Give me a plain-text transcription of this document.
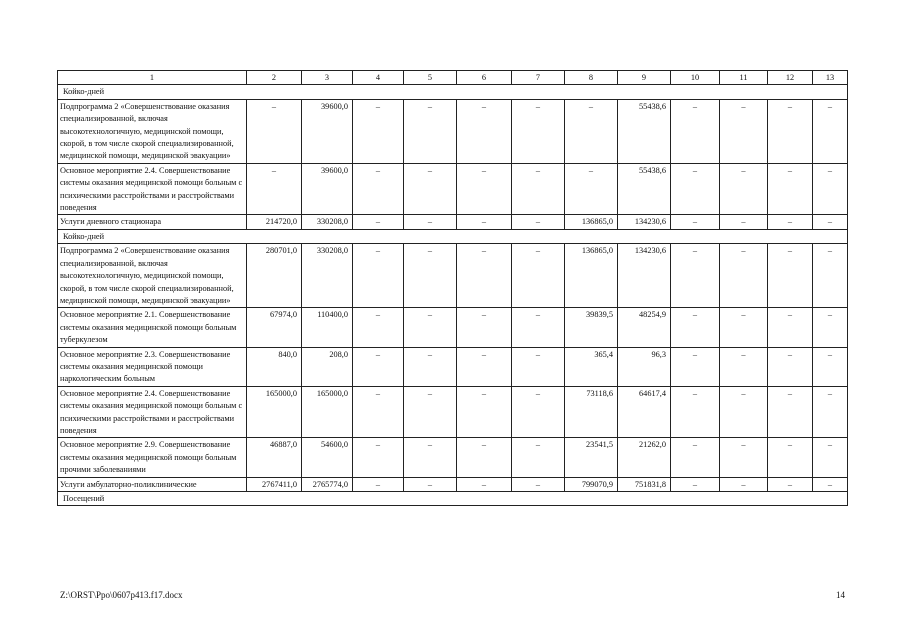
1	2	3	4	5	6	7	8	9	10	11	12	13
Койко-дней												
Подпрограмма 2 «Совершенствование оказания специализированной, включая высокотехнологичную, медицинской помощи, скорой, в том числе скорой специализированной, медицинской помощи, медицинской эвакуации»	–	39600,0	–	–	–	–	–	55438,6	–	–	–	–
Основное мероприятие 2.4. Совершенствование системы оказания медицинской помощи больным с психическими расстройствами и расстройствами поведения	–	39600,0	–	–	–	–	–	55438,6	–	–	–	–
Услуги дневного стационара	214720,0	330208,0	–	–	–	–	136865,0	134230,6	–	–	–	–
Койко-дней												
Подпрограмма 2 «Совершенствование оказания специализированной, включая высокотехнологичную, медицинской помощи, скорой, в том числе скорой специализированной, медицинской помощи, медицинской эвакуации»	280701,0	330208,0	–	–	–	–	136865,0	134230,6	–	–	–	–
Основное мероприятие 2.1. Совершенствование системы оказания медицинской помощи больным туберкулезом	67974,0	110400,0	–	–	–	–	39839,5	48254,9	–	–	–	–
Основное мероприятие 2.3. Совершенствование системы оказания медицинской помощи наркологическим больным	840,0	208,0	–	–	–	–	365,4	96,3	–	–	–	–
Основное мероприятие 2.4. Совершенствование системы оказания медицинской помощи больным с психическими расстройствами и расстройствами поведения	165000,0	165000,0	–	–	–	–	73118,6	64617,4	–	–	–	–
Основное мероприятие 2.9. Совершенствование системы оказания медицинской помощи больным прочими заболеваниями	46887,0	54600,0	–	–	–	–	23541,5	21262,0	–	–	–	–
Услуги амбулаторно-поликлинические	2767411,0	2765774,0	–	–	–	–	799070,9	751831,8	–	–	–	–
Посещений												
Z:\ORST\Ppo\0607p413.f17.docx	14
